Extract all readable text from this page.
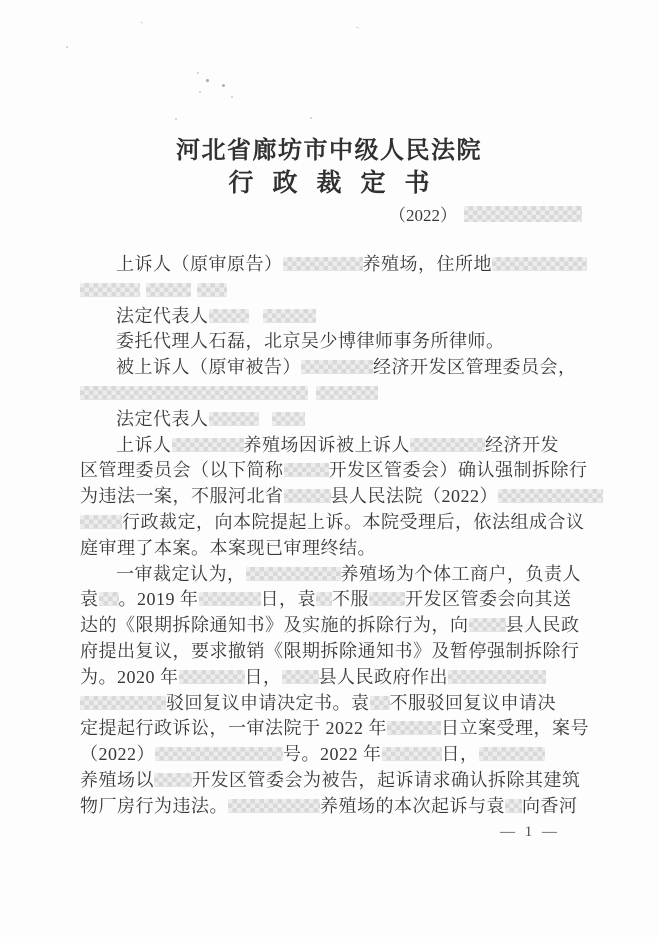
河北省廊坊市中级人民法院
行政裁定书
（2022）
上诉人（原审原告）	养殖场，住所地
法定代表人
委托代理人石磊，北京吴少博律师事务所律师。
被上诉人（原审被告）	经济开发区管理委员会，
法定代表人
上诉人	养殖场因诉被上诉人	经济开发
区管理委员会（以下简称	开发区管委会）确认强制拆除行
为违法一案，不服河北省	县人民法院（2022）
行政裁定，向本院提起上诉。本院受理后，依法组成合议
庭审理了本案。本案现已审理终结。
一审裁定认为，	养殖场为个体工商户，负责人
袁 。2019 年	日，袁 不服 开发区管委会向其送
达的《限期拆除通知书》及实施的拆除行为，向 县人民政
府提出复议，要求撤销《限期拆除通知书》及暂停强制拆除行
为。2020 年	日， 县人民政府作出
驳回复议申请决定书。袁 不服驳回复议申请决
定提起行政诉讼，一审法院于 2022 年	日立案受理，案号
（2022）	号。2022 年	日，
养殖场以 开发区管委会为被告，起诉请求确认拆除其建筑
物厂房行为违法。	养殖场的本次起诉与袁 向香河
— 1 —
